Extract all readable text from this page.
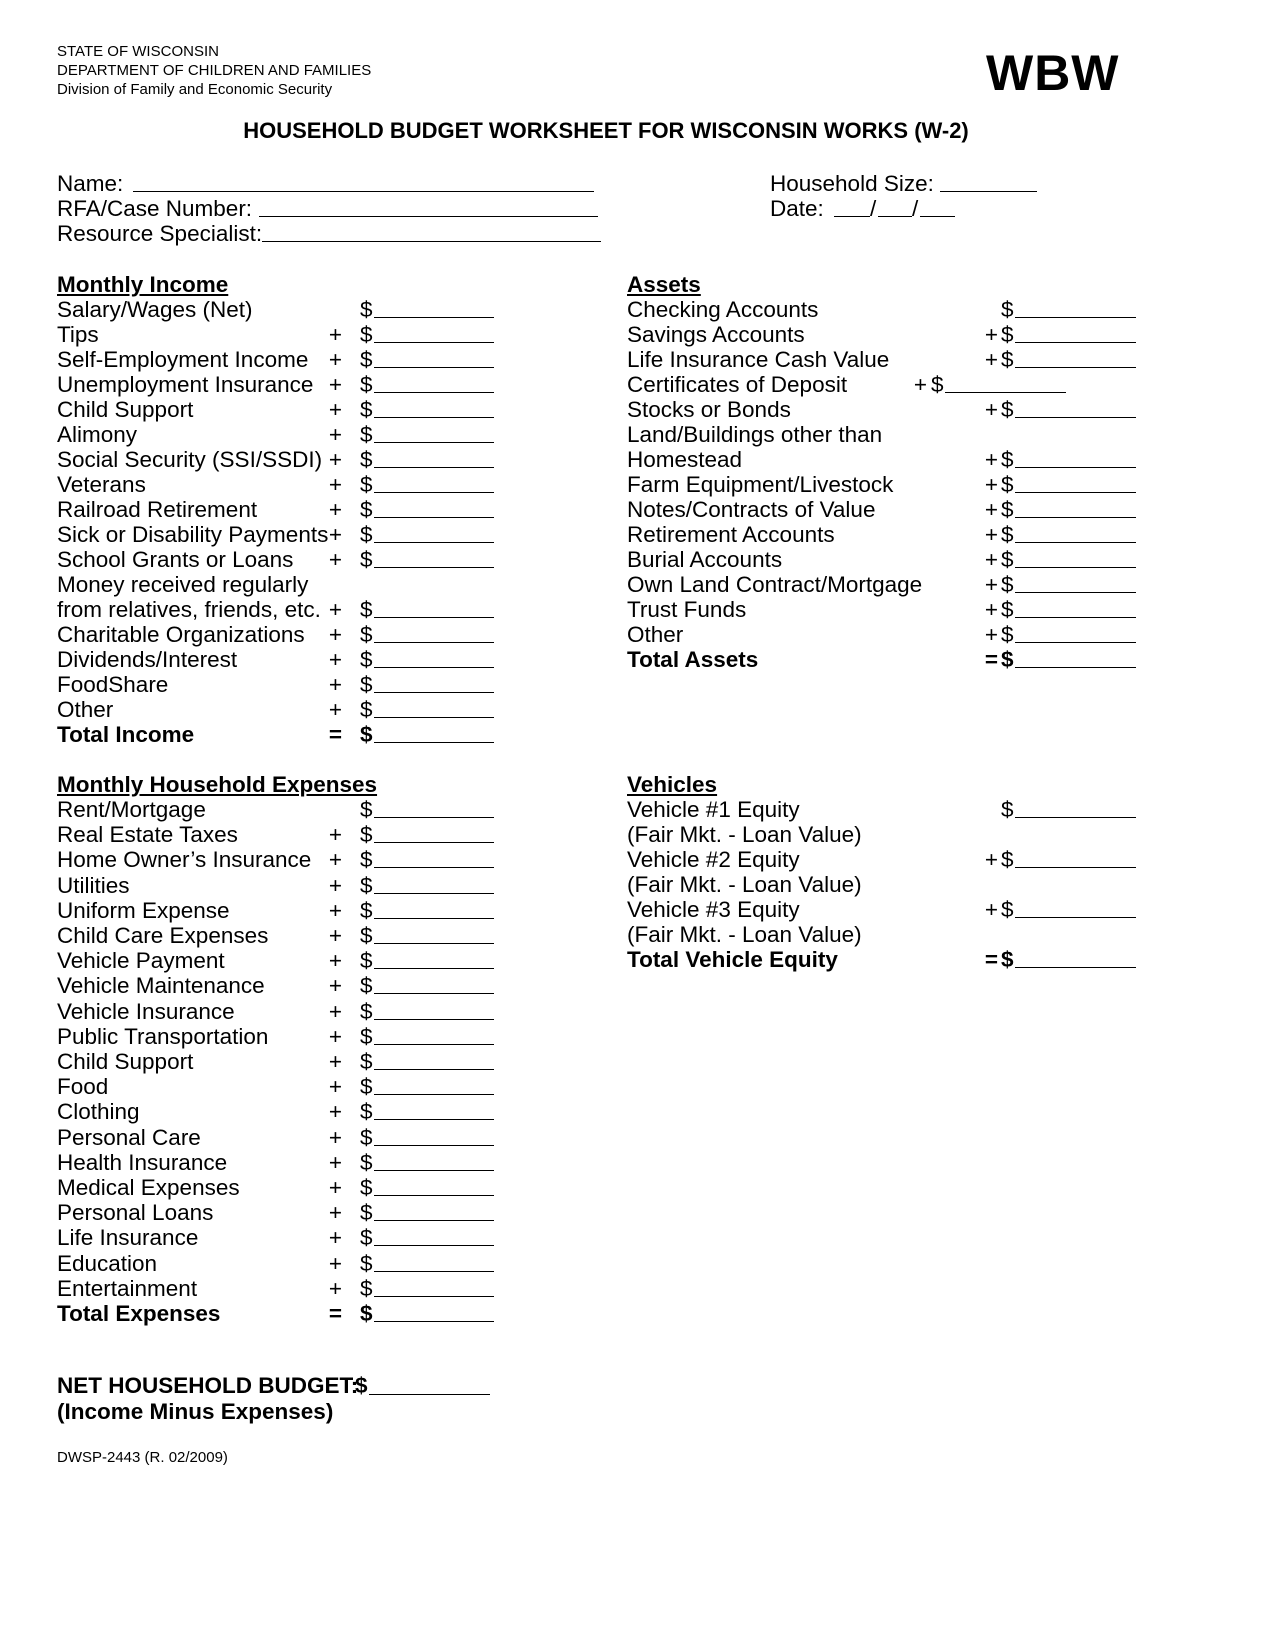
STATE OF WISCONSIN
DEPARTMENT OF CHILDREN AND FAMILIES
Division of Family and Economic Security	WBW
HOUSEHOLD BUDGET WORKSHEET FOR WISCONSIN WORKS (W-2)
Name:
RFA/Case Number:
Resource Specialist:
Household Size:
Date: / /
Monthly Income	Assets
Monthly Household Expenses	Vehicles
Salary/Wages (Net)	$
Tips	+ $
Self-Employment Income + $
Unemployment Insurance + $
Child Support	+ $
Alimony	+ $
Social Security (SSI/SSDI) + $
Veterans	+ $
Railroad Retirement	+ $
Sick or Disability Payments + $
School Grants or Loans	+ $
Money received regularly
from relatives, friends, etc. + $
Charitable Organizations	+ $
Dividends/Interest	+ $
FoodShare	+ $
Other	+ $
Total Income	= $
Checking Accounts	$
Savings Accounts	+ $
Life Insurance Cash Value	+ $
Certificates of Deposit	+ $
Stocks or Bonds	+ $
Land/Buildings other than
Homestead	+ $
Farm Equipment/Livestock	+ $
Notes/Contracts of Value	+ $
Retirement Accounts	+ $
Burial Accounts	+ $
Own Land Contract/Mortgage	+ $
Trust Funds	+ $
Other	+ $
Total Assets	= $
Rent/Mortgage	$
Real Estate Taxes	+ $
Home Owner’s Insurance + $
Utilities	+ $
Uniform Expense	+ $
Child Care Expenses	+ $
Vehicle Payment	+ $
Vehicle Maintenance	+ $
Vehicle Insurance	+ $
Public Transportation	+ $
Child Support	+ $
Food	+ $
Clothing	+ $
Personal Care	+ $
Health Insurance	+ $
Medical Expenses	+ $
Personal Loans	+ $
Life Insurance	+ $
Education	+ $
Entertainment	+ $
Total Expenses	= $
Vehicle #1 Equity	$
(Fair Mkt. - Loan Value)
Vehicle #2 Equity	+ $
(Fair Mkt. - Loan Value)
Vehicle #3 Equity	+ $
(Fair Mkt. - Loan Value)
Total Vehicle Equity	= $
NET HOUSEHOLD BUDGET:
$
(Income Minus Expenses)
DWSP-2443 (R. 02/2009)
